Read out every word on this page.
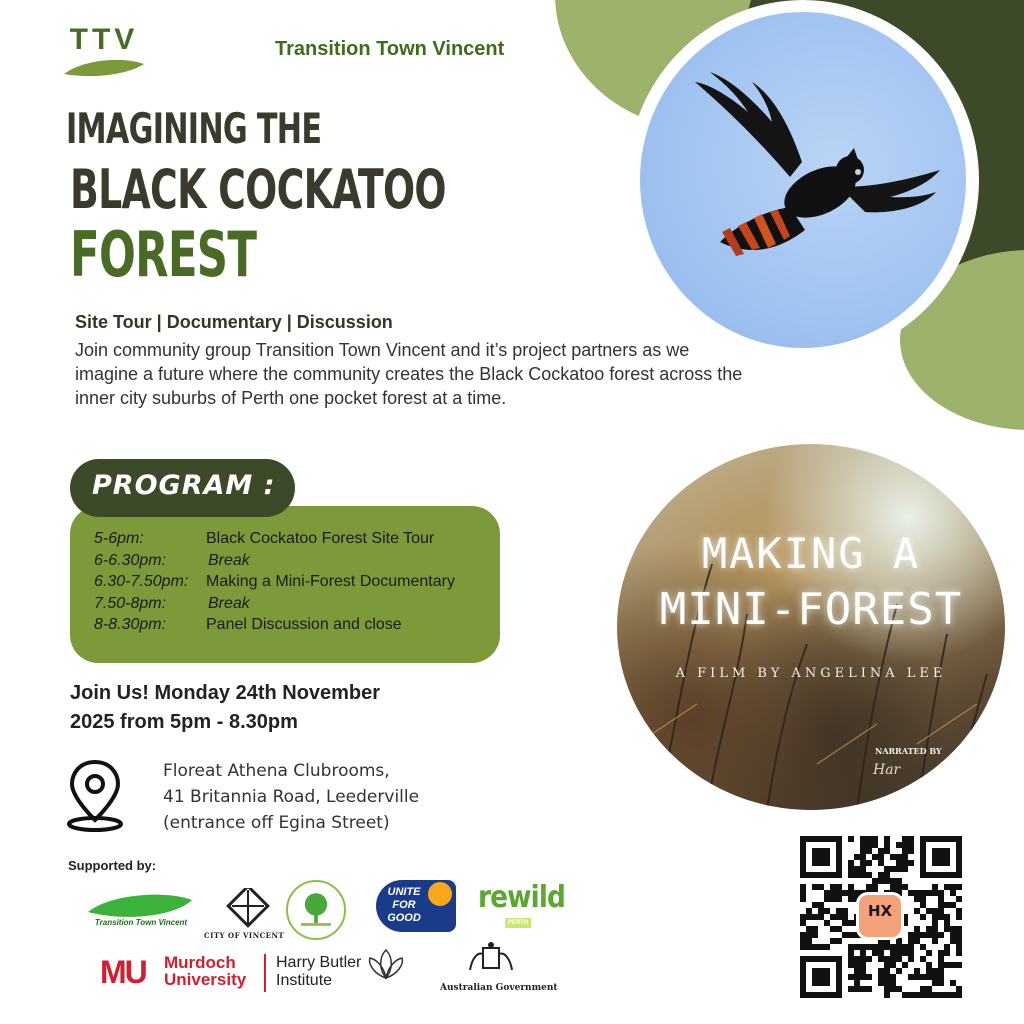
TTV	Transition Town Vincent
IMAGINING THE
BLACK COCKATOO
FOREST
Site Tour | Documentary | Discussion
Join community group Transition Town Vincent and it’s project partners as we imagine a future where the community creates the Black Cockatoo forest across the inner city suburbs of Perth one pocket forest at a time.
PROGRAM :
5-6pm:	Black Cockatoo Forest Site Tour
6-6.30pm:	Break
6.30-7.50pm: Making a Mini-Forest Documentary
7.50-8pm:	Break
8-8.30pm: Panel Discussion and close
Join Us! Monday 24th November
2025 from 5pm - 8.30pm
Floreat Athena Clubrooms,
41 Britannia Road, Leederville
(entrance off Egina Street)
Supported by:
Transition Town Vincent
CITY OF VINCENT
UNITE FOR GOOD
rewild
PERTH
MU Murdoch
University
Harry Butler
Institute	Australian Government
MAKING A
MINI-FOREST
A FILM BY ANGELINA LEE
NARRATED BY
Har
HX
